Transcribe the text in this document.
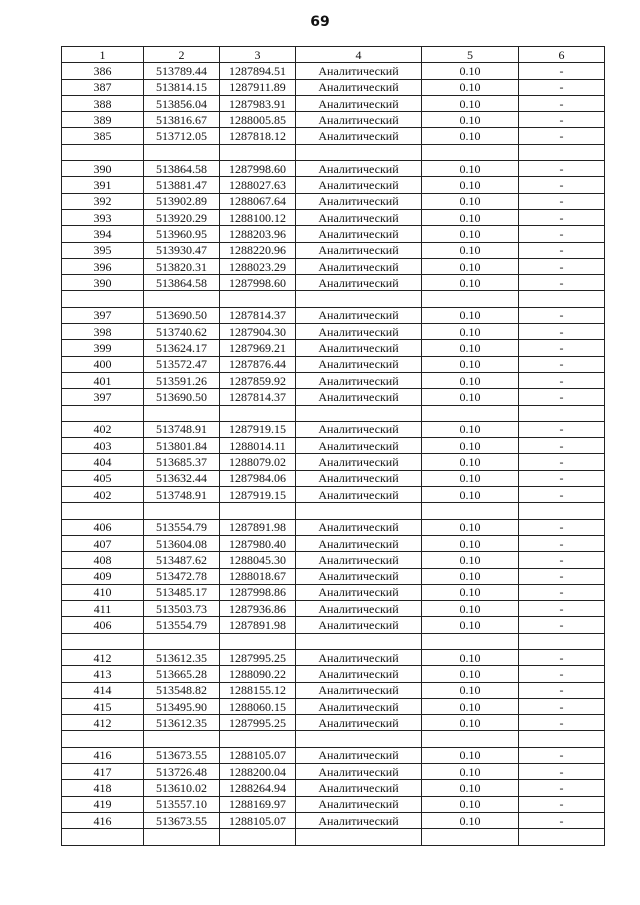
69
1	2	3	4	5	6
386	513789.44	1287894.51	Аналитический	0.10	-
387	513814.15	1287911.89	Аналитический	0.10	-
388	513856.04	1287983.91	Аналитический	0.10	-
389	513816.67	1288005.85	Аналитический	0.10	-
385	513712.05	1287818.12	Аналитический	0.10	-

390	513864.58	1287998.60	Аналитический	0.10	-
391	513881.47	1288027.63	Аналитический	0.10	-
392	513902.89	1288067.64	Аналитический	0.10	-
393	513920.29	1288100.12	Аналитический	0.10	-
394	513960.95	1288203.96	Аналитический	0.10	-
395	513930.47	1288220.96	Аналитический	0.10	-
396	513820.31	1288023.29	Аналитический	0.10	-
390	513864.58	1287998.60	Аналитический	0.10	-

397	513690.50	1287814.37	Аналитический	0.10	-
398	513740.62	1287904.30	Аналитический	0.10	-
399	513624.17	1287969.21	Аналитический	0.10	-
400	513572.47	1287876.44	Аналитический	0.10	-
401	513591.26	1287859.92	Аналитический	0.10	-
397	513690.50	1287814.37	Аналитический	0.10	-

402	513748.91	1287919.15	Аналитический	0.10	-
403	513801.84	1288014.11	Аналитический	0.10	-
404	513685.37	1288079.02	Аналитический	0.10	-
405	513632.44	1287984.06	Аналитический	0.10	-
402	513748.91	1287919.15	Аналитический	0.10	-

406	513554.79	1287891.98	Аналитический	0.10	-
407	513604.08	1287980.40	Аналитический	0.10	-
408	513487.62	1288045.30	Аналитический	0.10	-
409	513472.78	1288018.67	Аналитический	0.10	-
410	513485.17	1287998.86	Аналитический	0.10	-
411	513503.73	1287936.86	Аналитический	0.10	-
406	513554.79	1287891.98	Аналитический	0.10	-

412	513612.35	1287995.25	Аналитический	0.10	-
413	513665.28	1288090.22	Аналитический	0.10	-
414	513548.82	1288155.12	Аналитический	0.10	-
415	513495.90	1288060.15	Аналитический	0.10	-
412	513612.35	1287995.25	Аналитический	0.10	-

416	513673.55	1288105.07	Аналитический	0.10	-
417	513726.48	1288200.04	Аналитический	0.10	-
418	513610.02	1288264.94	Аналитический	0.10	-
419	513557.10	1288169.97	Аналитический	0.10	-
416	513673.55	1288105.07	Аналитический	0.10	-
